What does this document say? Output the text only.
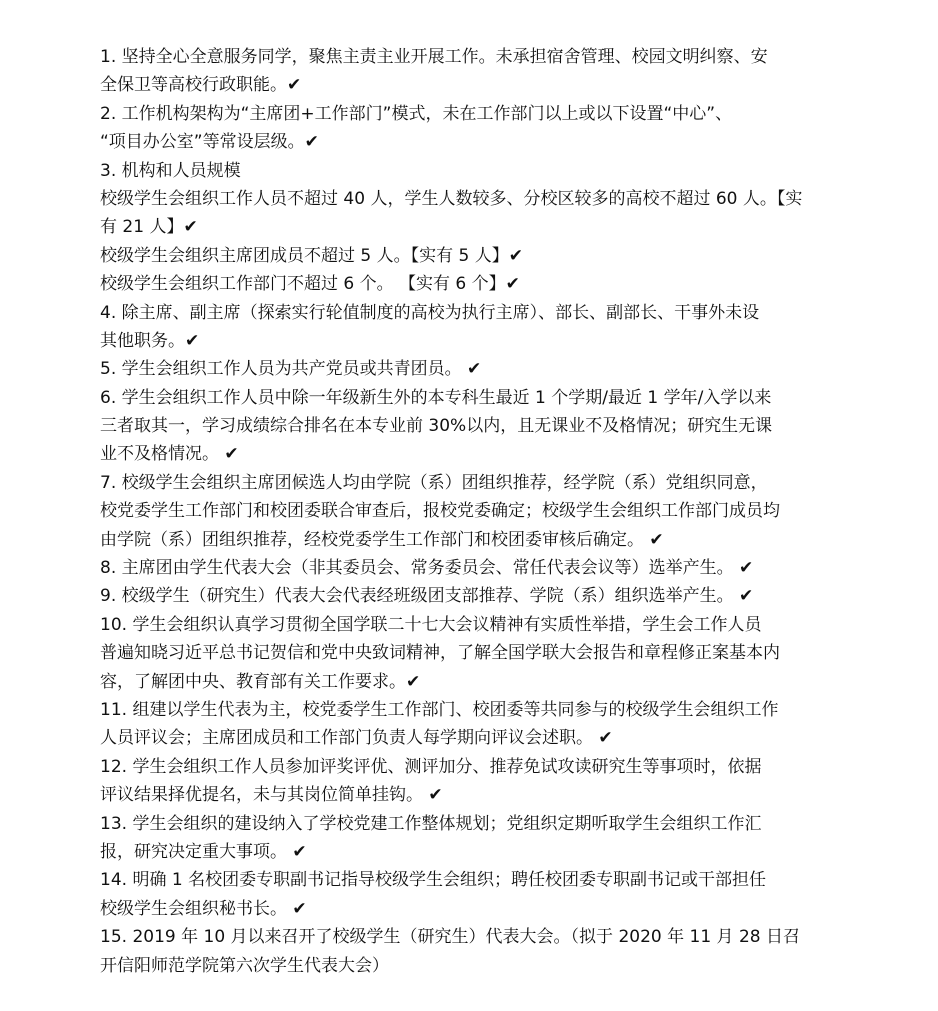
1. 坚持全心全意服务同学，聚焦主责主业开展工作。未承担宿舍管理、校园文明纠察、安
全保卫等高校行政职能。✔
2. 工作机构架构为“主席团+工作部门”模式，未在工作部门以上或以下设置“中心”、
“项目办公室”等常设层级。✔
3. 机构和人员规模
校级学生会组织工作人员不超过 40 人，学生人数较多、分校区较多的高校不超过 60 人。【实
有 21 人】✔
校级学生会组织主席团成员不超过 5 人。【实有 5 人】✔
校级学生会组织工作部门不超过 6 个。 【实有 6 个】✔
4. 除主席、副主席（探索实行轮值制度的高校为执行主席）、部长、副部长、干事外未设
其他职务。✔
5. 学生会组织工作人员为共产党员或共青团员。 ✔
6. 学生会组织工作人员中除一年级新生外的本专科生最近 1 个学期/最近 1 学年/入学以来
三者取其一，学习成绩综合排名在本专业前 30%以内，且无课业不及格情况；研究生无课
业不及格情况。 ✔
7. 校级学生会组织主席团候选人均由学院（系）团组织推荐，经学院（系）党组织同意，
校党委学生工作部门和校团委联合审查后，报校党委确定；校级学生会组织工作部门成员均
由学院（系）团组织推荐，经校党委学生工作部门和校团委审核后确定。 ✔
8. 主席团由学生代表大会（非其委员会、常务委员会、常任代表会议等）选举产生。 ✔
9. 校级学生（研究生）代表大会代表经班级团支部推荐、学院（系）组织选举产生。 ✔
10. 学生会组织认真学习贯彻全国学联二十七大会议精神有实质性举措，学生会工作人员
普遍知晓习近平总书记贺信和党中央致词精神，了解全国学联大会报告和章程修正案基本内
容，了解团中央、教育部有关工作要求。✔
11. 组建以学生代表为主，校党委学生工作部门、校团委等共同参与的校级学生会组织工作
人员评议会；主席团成员和工作部门负责人每学期向评议会述职。 ✔
12. 学生会组织工作人员参加评奖评优、测评加分、推荐免试攻读研究生等事项时，依据
评议结果择优提名，未与其岗位简单挂钩。 ✔
13. 学生会组织的建设纳入了学校党建工作整体规划；党组织定期听取学生会组织工作汇
报，研究决定重大事项。 ✔
14. 明确 1 名校团委专职副书记指导校级学生会组织；聘任校团委专职副书记或干部担任
校级学生会组织秘书长。 ✔
15. 2019 年 10 月以来召开了校级学生（研究生）代表大会。（拟于 2020 年 11 月 28 日召
开信阳师范学院第六次学生代表大会）
